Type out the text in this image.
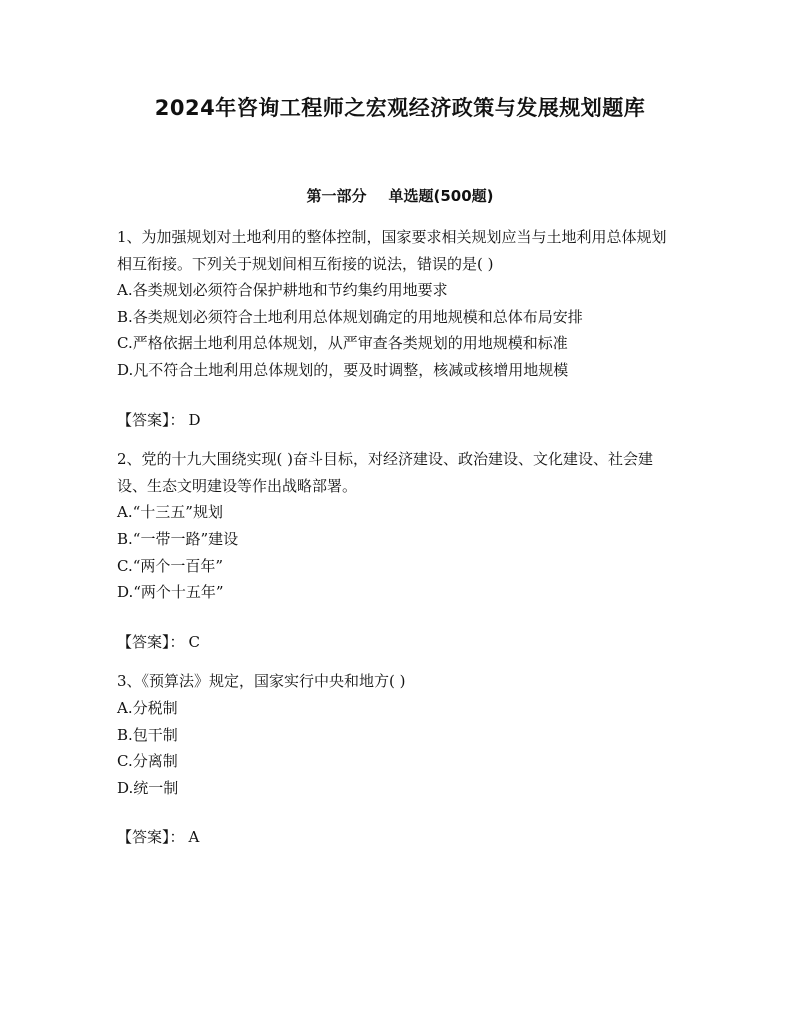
2024年咨询工程师之宏观经济政策与发展规划题库
第一部分 单选题(500题)

1、为加强规划对土地利用的整体控制，国家要求相关规划应当与土地利用总体规划相互衔接。下列关于规划间相互衔接的说法，错误的是( )

A.各类规划必须符合保护耕地和节约集约用地要求

B.各类规划必须符合土地利用总体规划确定的用地规模和总体布局安排

C.严格依据土地利用总体规划，从严审查各类规划的用地规模和标准

D.凡不符合土地利用总体规划的，要及时调整，核减或核增用地规模

【答案】： D

2、党的十九大围绕实现( )奋斗目标，对经济建设、政治建设、文化建设、社会建设、生态文明建设等作出战略部署。

A.“十三五”规划

B.“一带一路”建设

C.“两个一百年”

D.“两个十五年”

【答案】： C

3、《预算法》规定，国家实行中央和地方( )

A.分税制

B.包干制

C.分离制

D.统一制

【答案】： A
